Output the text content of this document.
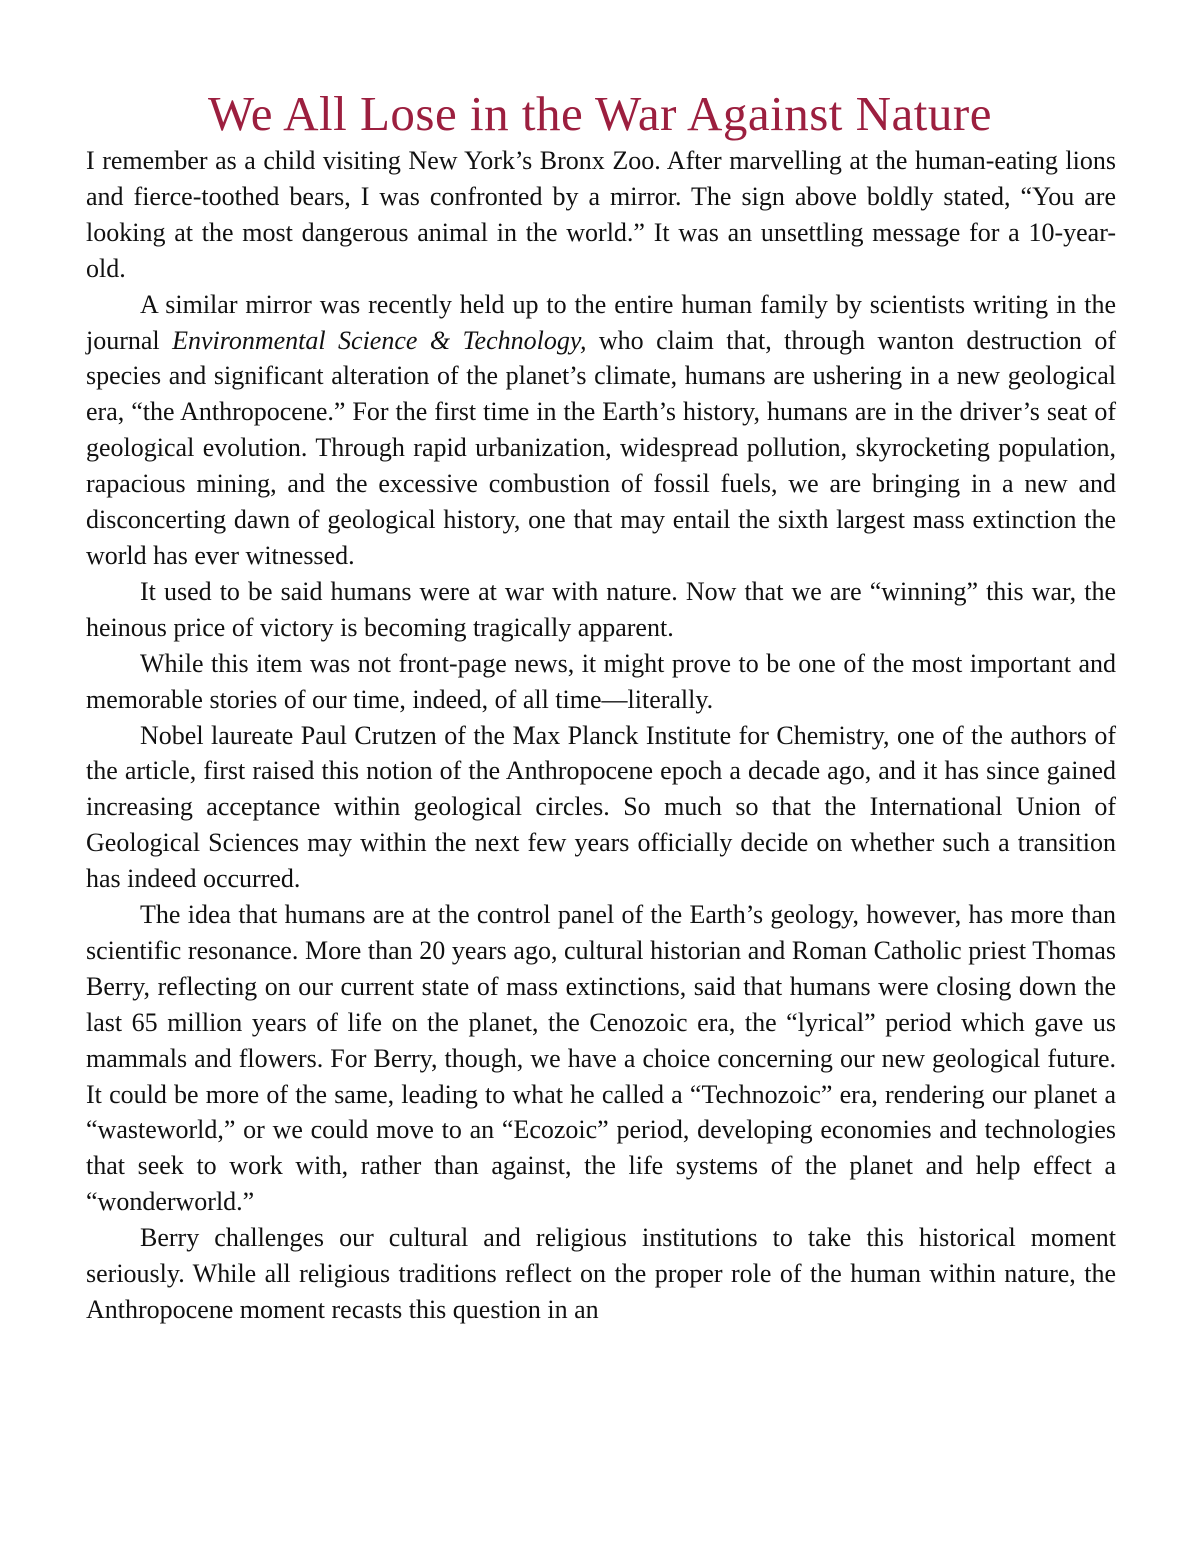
We All Lose in the War Against Nature

I remember as a child visiting New York’s Bronx Zoo. After marvelling at the human-eating lions and fierce-toothed bears, I was confronted by a mirror. The sign above boldly stated, “You are looking at the most dangerous animal in the world.” It was an unsettling message for a 10-year-old.

A similar mirror was recently held up to the entire human family by scientists writing in the journal Environmental Science & Technology, who claim that, through wanton destruction of species and significant alteration of the planet’s climate, humans are ushering in a new geological era, “the Anthropocene.” For the first time in the Earth’s history, humans are in the driver’s seat of geological evolution. Through rapid urbanization, widespread pollution, skyrocketing population, rapacious mining, and the excessive combustion of fossil fuels, we are bringing in a new and disconcerting dawn of geological history, one that may entail the sixth largest mass extinction the world has ever witnessed.

It used to be said humans were at war with nature. Now that we are “winning” this war, the heinous price of victory is becoming tragically apparent.

While this item was not front-page news, it might prove to be one of the most important and memorable stories of our time, indeed, of all time—literally.

Nobel laureate Paul Crutzen of the Max Planck Institute for Chemistry, one of the authors of the article, first raised this notion of the Anthropocene epoch a decade ago, and it has since gained increasing acceptance within geological circles. So much so that the International Union of Geological Sciences may within the next few years officially decide on whether such a transition has indeed occurred.

The idea that humans are at the control panel of the Earth’s geology, however, has more than scientific resonance. More than 20 years ago, cultural historian and Roman Catholic priest Thomas Berry, reflecting on our current state of mass extinctions, said that humans were closing down the last 65 million years of life on the planet, the Cenozoic era, the “lyrical” period which gave us mammals and flowers. For Berry, though, we have a choice concerning our new geological future. It could be more of the same, leading to what he called a “Technozoic” era, rendering our planet a “wasteworld,” or we could move to an “Ecozoic” period, developing economies and technologies that seek to work with, rather than against, the life systems of the planet and help effect a “wonderworld.”

Berry challenges our cultural and religious institutions to take this historical moment seriously. While all religious traditions reflect on the proper role of the human within nature, the Anthropocene moment recasts this question in an
